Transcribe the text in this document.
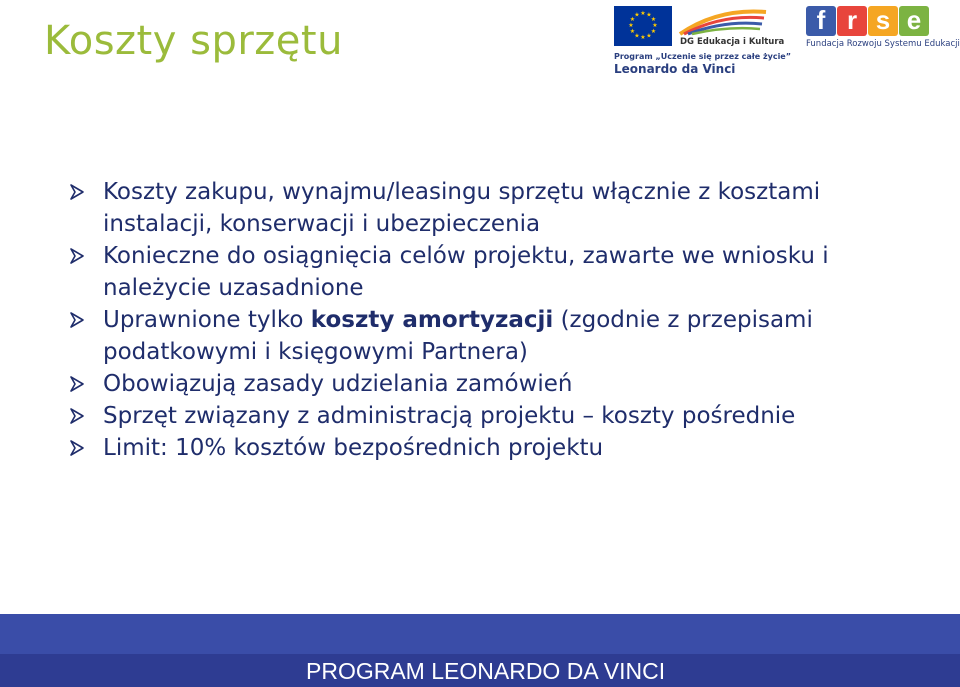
Koszty sprzętu
★ ★
★
★
★
★
★
★
★
★
★
★
DG Edukacja i Kultura
Program „Uczenie się przez całe życie”
Leonardo da Vinci
f r s e
Fundacja Rozwoju Systemu Edukacji
Koszty zakupu, wynajmu/leasingu sprzętu włącznie z kosztami instalacji, konserwacji i ubezpieczenia
Konieczne do osiągnięcia celów projektu, zawarte we wniosku i należycie uzasadnione
Uprawnione tylko koszty amortyzacji (zgodnie z przepisami podatkowymi i księgowymi Partnera)
Obowiązują zasady udzielania zamówień
Sprzęt związany z administracją projektu – koszty pośrednie
Limit: 10% kosztów bezpośrednich projektu
PROGRAM LEONARDO DA VINCI
